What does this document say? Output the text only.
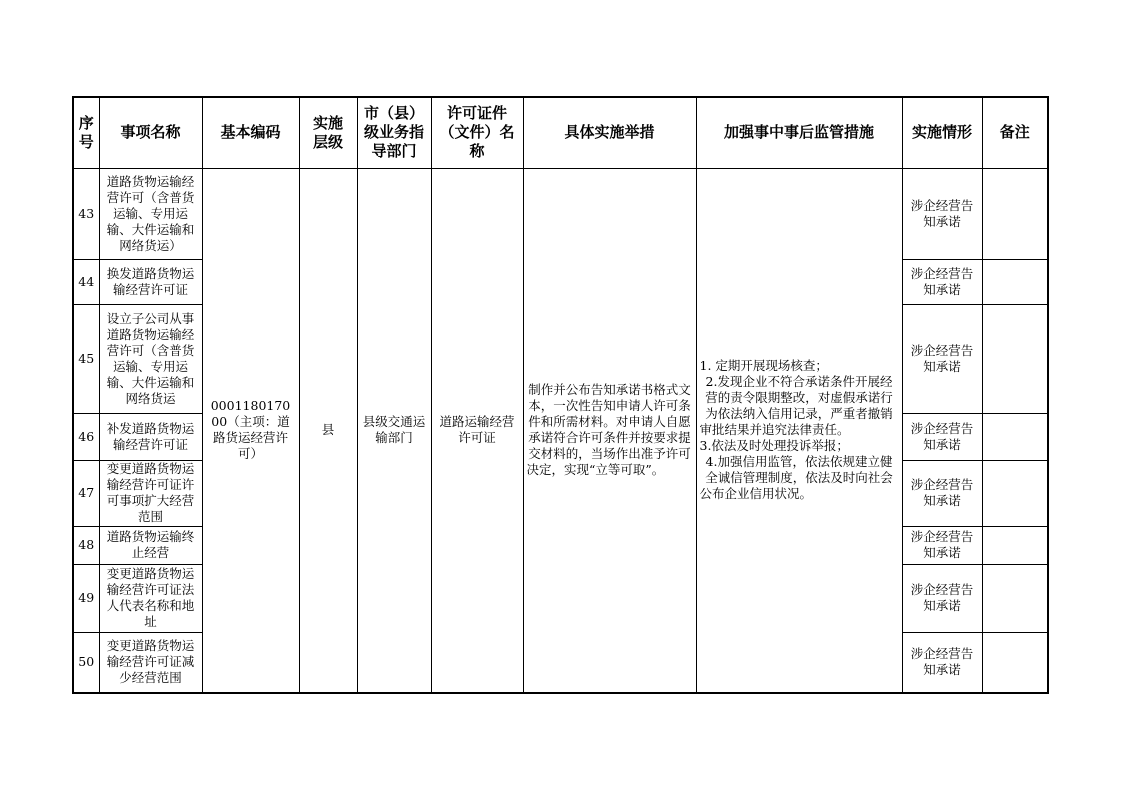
序号	事项名称	基本编码	实施层级	市（县）级业务指导部门	许可证件（文件）名称	具体实施举措	加强事中事后监管措施	实施情形	备注
43	道路货物运输经营许可（含普货运输、专用运输、大件运输和网络货运）	000118017000（主项：道路货运经营许可）	县	县级交通运输部门	道路运输经营许可证	制作并公布告知承诺书格式文本，一次性告知申请人许可条件和所需材料。对申请人自愿承诺符合许可条件并按要求提交材料的，当场作出准予许可决定，实现“立等可取”。	1. 定期开展现场核查；
2.发现企业不符合承诺条件开展经营的责令限期整改，对虚假承诺行为依法纳入信用记录，严重者撤销审批结果并追究法律责任。
3.依法及时处理投诉举报；
4.加强信用监管，依法依规建立健全诚信管理制度，依法及时向社会公布企业信用状况。	涉企经营告知承诺	
44	换发道路货物运输经营许可证							涉企经营告知承诺	
45	设立子公司从事道路货物运输经营许可（含普货运输、专用运输、大件运输和网络货运							涉企经营告知承诺	
46	补发道路货物运输经营许可证							涉企经营告知承诺	
47	变更道路货物运输经营许可证许可事项扩大经营范围							涉企经营告知承诺	
48	道路货物运输终止经营							涉企经营告知承诺	
49	变更道路货物运输经营许可证法人代表名称和地址							涉企经营告知承诺	
50	变更道路货物运输经营许可证减少经营范围							涉企经营告知承诺	
